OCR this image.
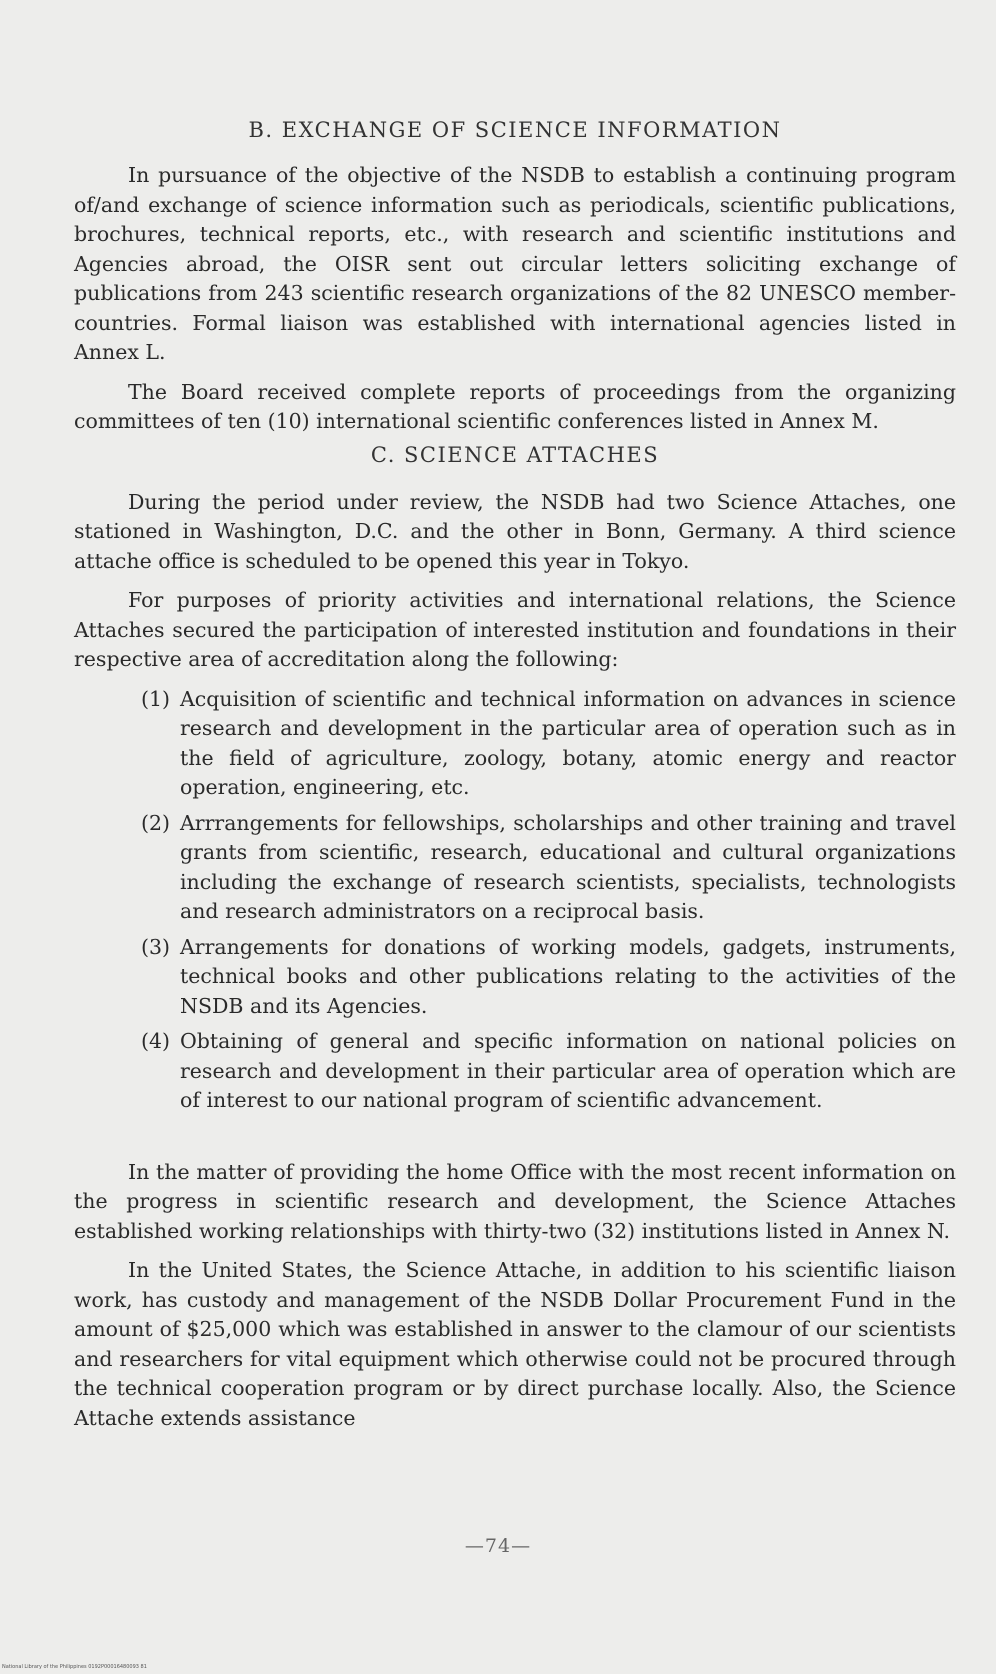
B. EXCHANGE OF SCIENCE INFORMATION

In pursuance of the objective of the NSDB to establish a continuing program of/and exchange of science information such as periodicals, scientific publications, brochures, technical reports, etc., with research and scientific institutions and Agencies abroad, the OISR sent out circular letters soliciting exchange of publications from 243 scientific research organizations of the 82 UNESCO member-countries. Formal liaison was established with international agencies listed in Annex L.

The Board received complete reports of proceedings from the organizing committees of ten (10) international scientific conferences listed in Annex M.

C. SCIENCE ATTACHES

During the period under review, the NSDB had two Science Attaches, one stationed in Washington, D.C. and the other in Bonn, Germany. A third science attache office is scheduled to be opened this year in Tokyo.

For purposes of priority activities and international relations, the Science Attaches secured the participation of interested institution and foundations in their respective area of accreditation along the following:

(1) Acquisition of scientific and technical information on advances in science research and development in the particular area of operation such as in the field of agriculture, zoology, botany, atomic energy and reactor operation, engineering, etc.
(2) Arrrangements for fellowships, scholarships and other training and travel grants from scientific, research, educational and cultural organizations including the exchange of research scientists, specialists, technologists and research administrators on a reciprocal basis.
(3) Arrangements for donations of working models, gadgets, instruments, technical books and other publications relating to the activities of the NSDB and its Agencies.
(4) Obtaining of general and specific information on national policies on research and development in their particular area of operation which are of interest to our national program of scientific advancement.

In the matter of providing the home Office with the most recent information on the progress in scientific research and development, the Science Attaches established working relationships with thirty-two (32) institutions listed in Annex N.

In the United States, the Science Attache, in addition to his scientific liaison work, has custody and management of the NSDB Dollar Procurement Fund in the amount of $25,000 which was established in answer to the clamour of our scientists and researchers for vital equipment which otherwise could not be procured through the technical cooperation program or by direct purchase locally. Also, the Science Attache extends assistance

—74—
National Library of the Philippines 0192P00016480093 81
